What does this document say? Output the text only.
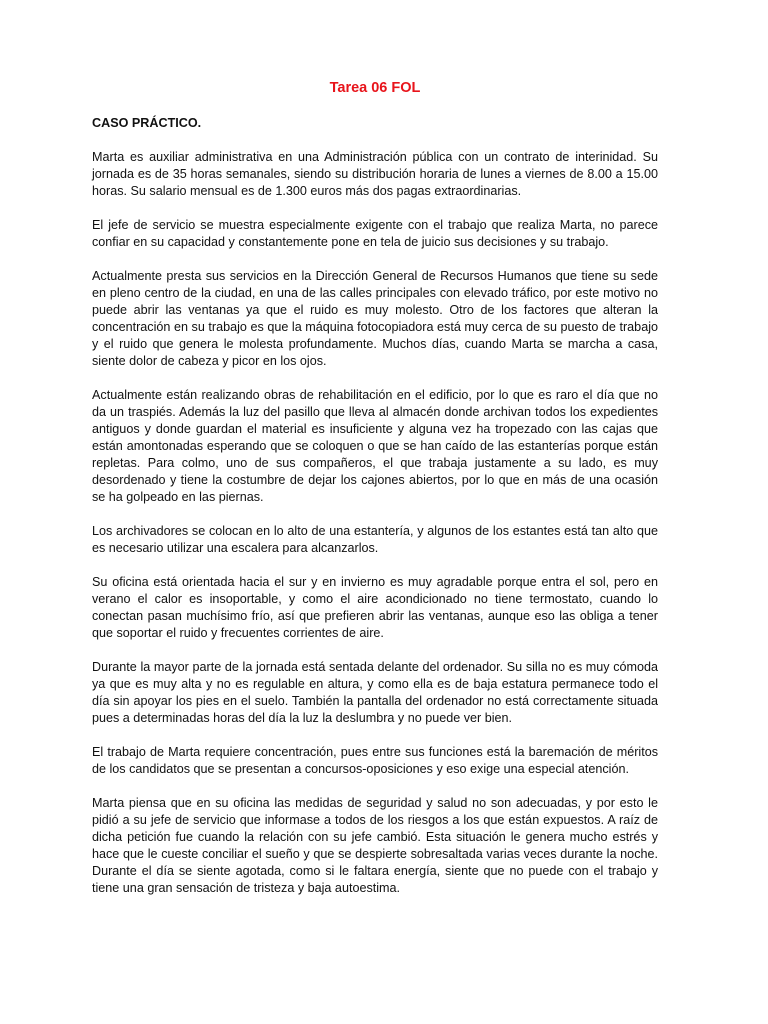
Tarea 06 FOL
CASO PRÁCTICO.

Marta es auxiliar administrativa en una Administración pública con un contrato de interinidad. Su jornada es de 35 horas semanales, siendo su distribución horaria de lunes a viernes de 8.00 a 15.00 horas. Su salario mensual es de 1.300 euros más dos pagas extraordinarias.

El jefe de servicio se muestra especialmente exigente con el trabajo que realiza Marta, no parece confiar en su capacidad y constantemente pone en tela de juicio sus decisiones y su trabajo.

Actualmente presta sus servicios en la Dirección General de Recursos Humanos que tiene su sede en pleno centro de la ciudad, en una de las calles principales con elevado tráfico, por este motivo no puede abrir las ventanas ya que el ruido es muy molesto. Otro de los factores que alteran la concentración en su trabajo es que la máquina fotocopiadora está muy cerca de su puesto de trabajo y el ruido que genera le molesta profundamente. Muchos días, cuando Marta se marcha a casa, siente dolor de cabeza y picor en los ojos.

Actualmente están realizando obras de rehabilitación en el edificio, por lo que es raro el día que no da un traspiés. Además la luz del pasillo que lleva al almacén donde archivan todos los expedientes antiguos y donde guardan el material es insuficiente y alguna vez ha tropezado con las cajas que están amontonadas esperando que se coloquen o que se han caído de las estanterías porque están repletas. Para colmo, uno de sus compañeros, el que trabaja justamente a su lado, es muy desordenado y tiene la costumbre de dejar los cajones abiertos, por lo que en más de una ocasión se ha golpeado en las piernas.

Los archivadores se colocan en lo alto de una estantería, y algunos de los estantes está tan alto que es necesario utilizar una escalera para alcanzarlos.

Su oficina está orientada hacia el sur y en invierno es muy agradable porque entra el sol, pero en verano el calor es insoportable, y como el aire acondicionado no tiene termostato, cuando lo conectan pasan muchísimo frío, así que prefieren abrir las ventanas, aunque eso las obliga a tener que soportar el ruido y frecuentes corrientes de aire.

Durante la mayor parte de la jornada está sentada delante del ordenador. Su silla no es muy cómoda ya que es muy alta y no es regulable en altura, y como ella es de baja estatura permanece todo el día sin apoyar los pies en el suelo. También la pantalla del ordenador no está correctamente situada pues a determinadas horas del día la luz la deslumbra y no puede ver bien.

El trabajo de Marta requiere concentración, pues entre sus funciones está la baremación de méritos de los candidatos que se presentan a concursos-oposiciones y eso exige una especial atención.

Marta piensa que en su oficina las medidas de seguridad y salud no son adecuadas, y por esto le pidió a su jefe de servicio que informase a todos de los riesgos a los que están expuestos. A raíz de dicha petición fue cuando la relación con su jefe cambió. Esta situación le genera mucho estrés y hace que le cueste conciliar el sueño y que se despierte sobresaltada varias veces durante la noche. Durante el día se siente agotada, como si le faltara energía, siente que no puede con el trabajo y tiene una gran sensación de tristeza y baja autoestima.
